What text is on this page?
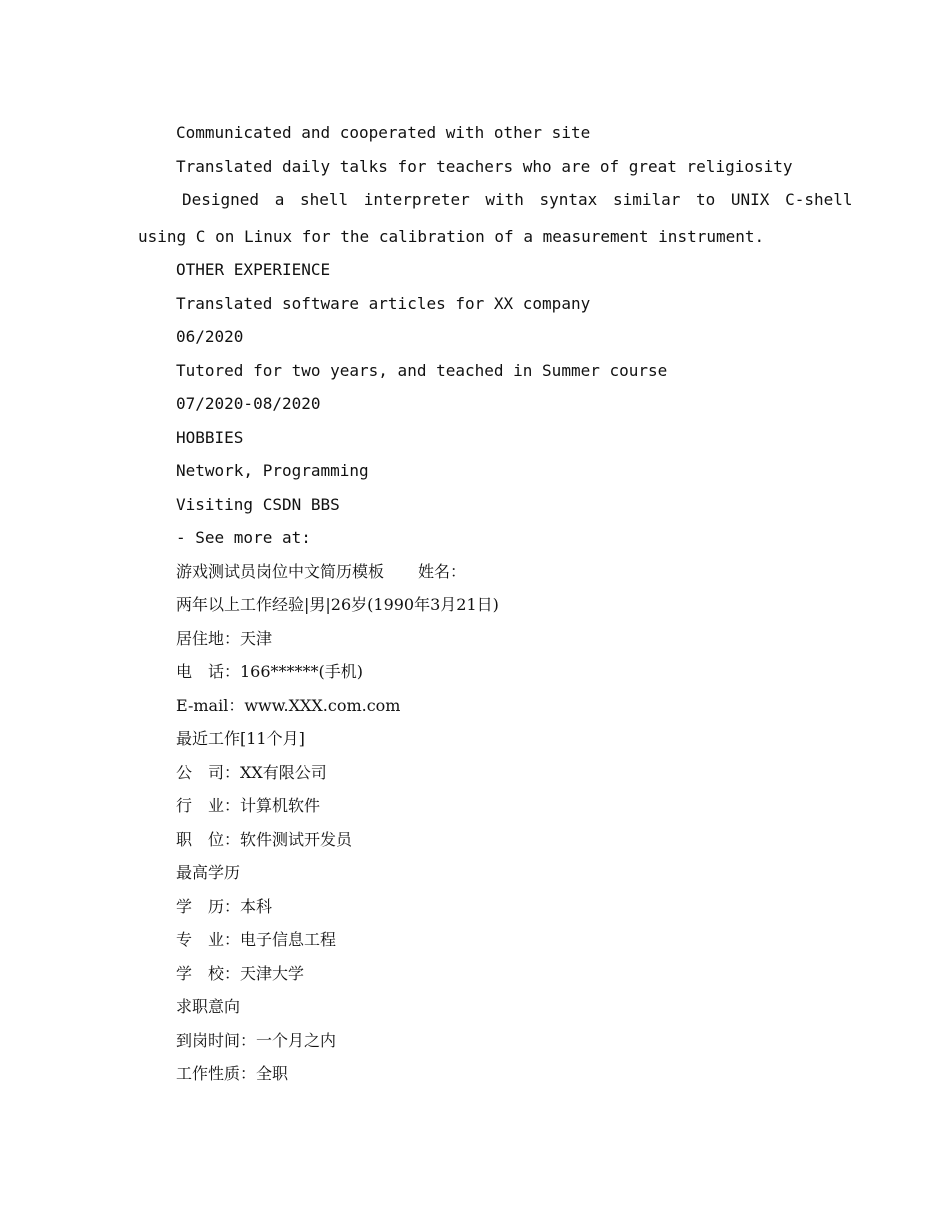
Communicated and cooperated with other site
Translated daily talks for teachers who are of great religiosity
Designed a shell interpreter with syntax similar to UNIX C-shell
using C on Linux for the calibration of a measurement instrument.
OTHER EXPERIENCE
Translated software articles for XX company
06/2020
Tutored for two years, and teached in Summer course
07/2020-08/2020
HOBBIES
Network, Programming
Visiting CSDN BBS
- See more at:
游戏测试员岗位中文简历模板 姓名：
两年以上工作经验|男|26岁(1990年3月21日)
居住地：天津
电　话：166******(手机)
E-mail：www.XXX.com.com
最近工作[11个月]
公　司：XX有限公司
行　业：计算机软件
职　位：软件测试开发员
最高学历
学　历：本科
专　业：电子信息工程
学　校：天津大学
求职意向
到岗时间：一个月之内
工作性质：全职
